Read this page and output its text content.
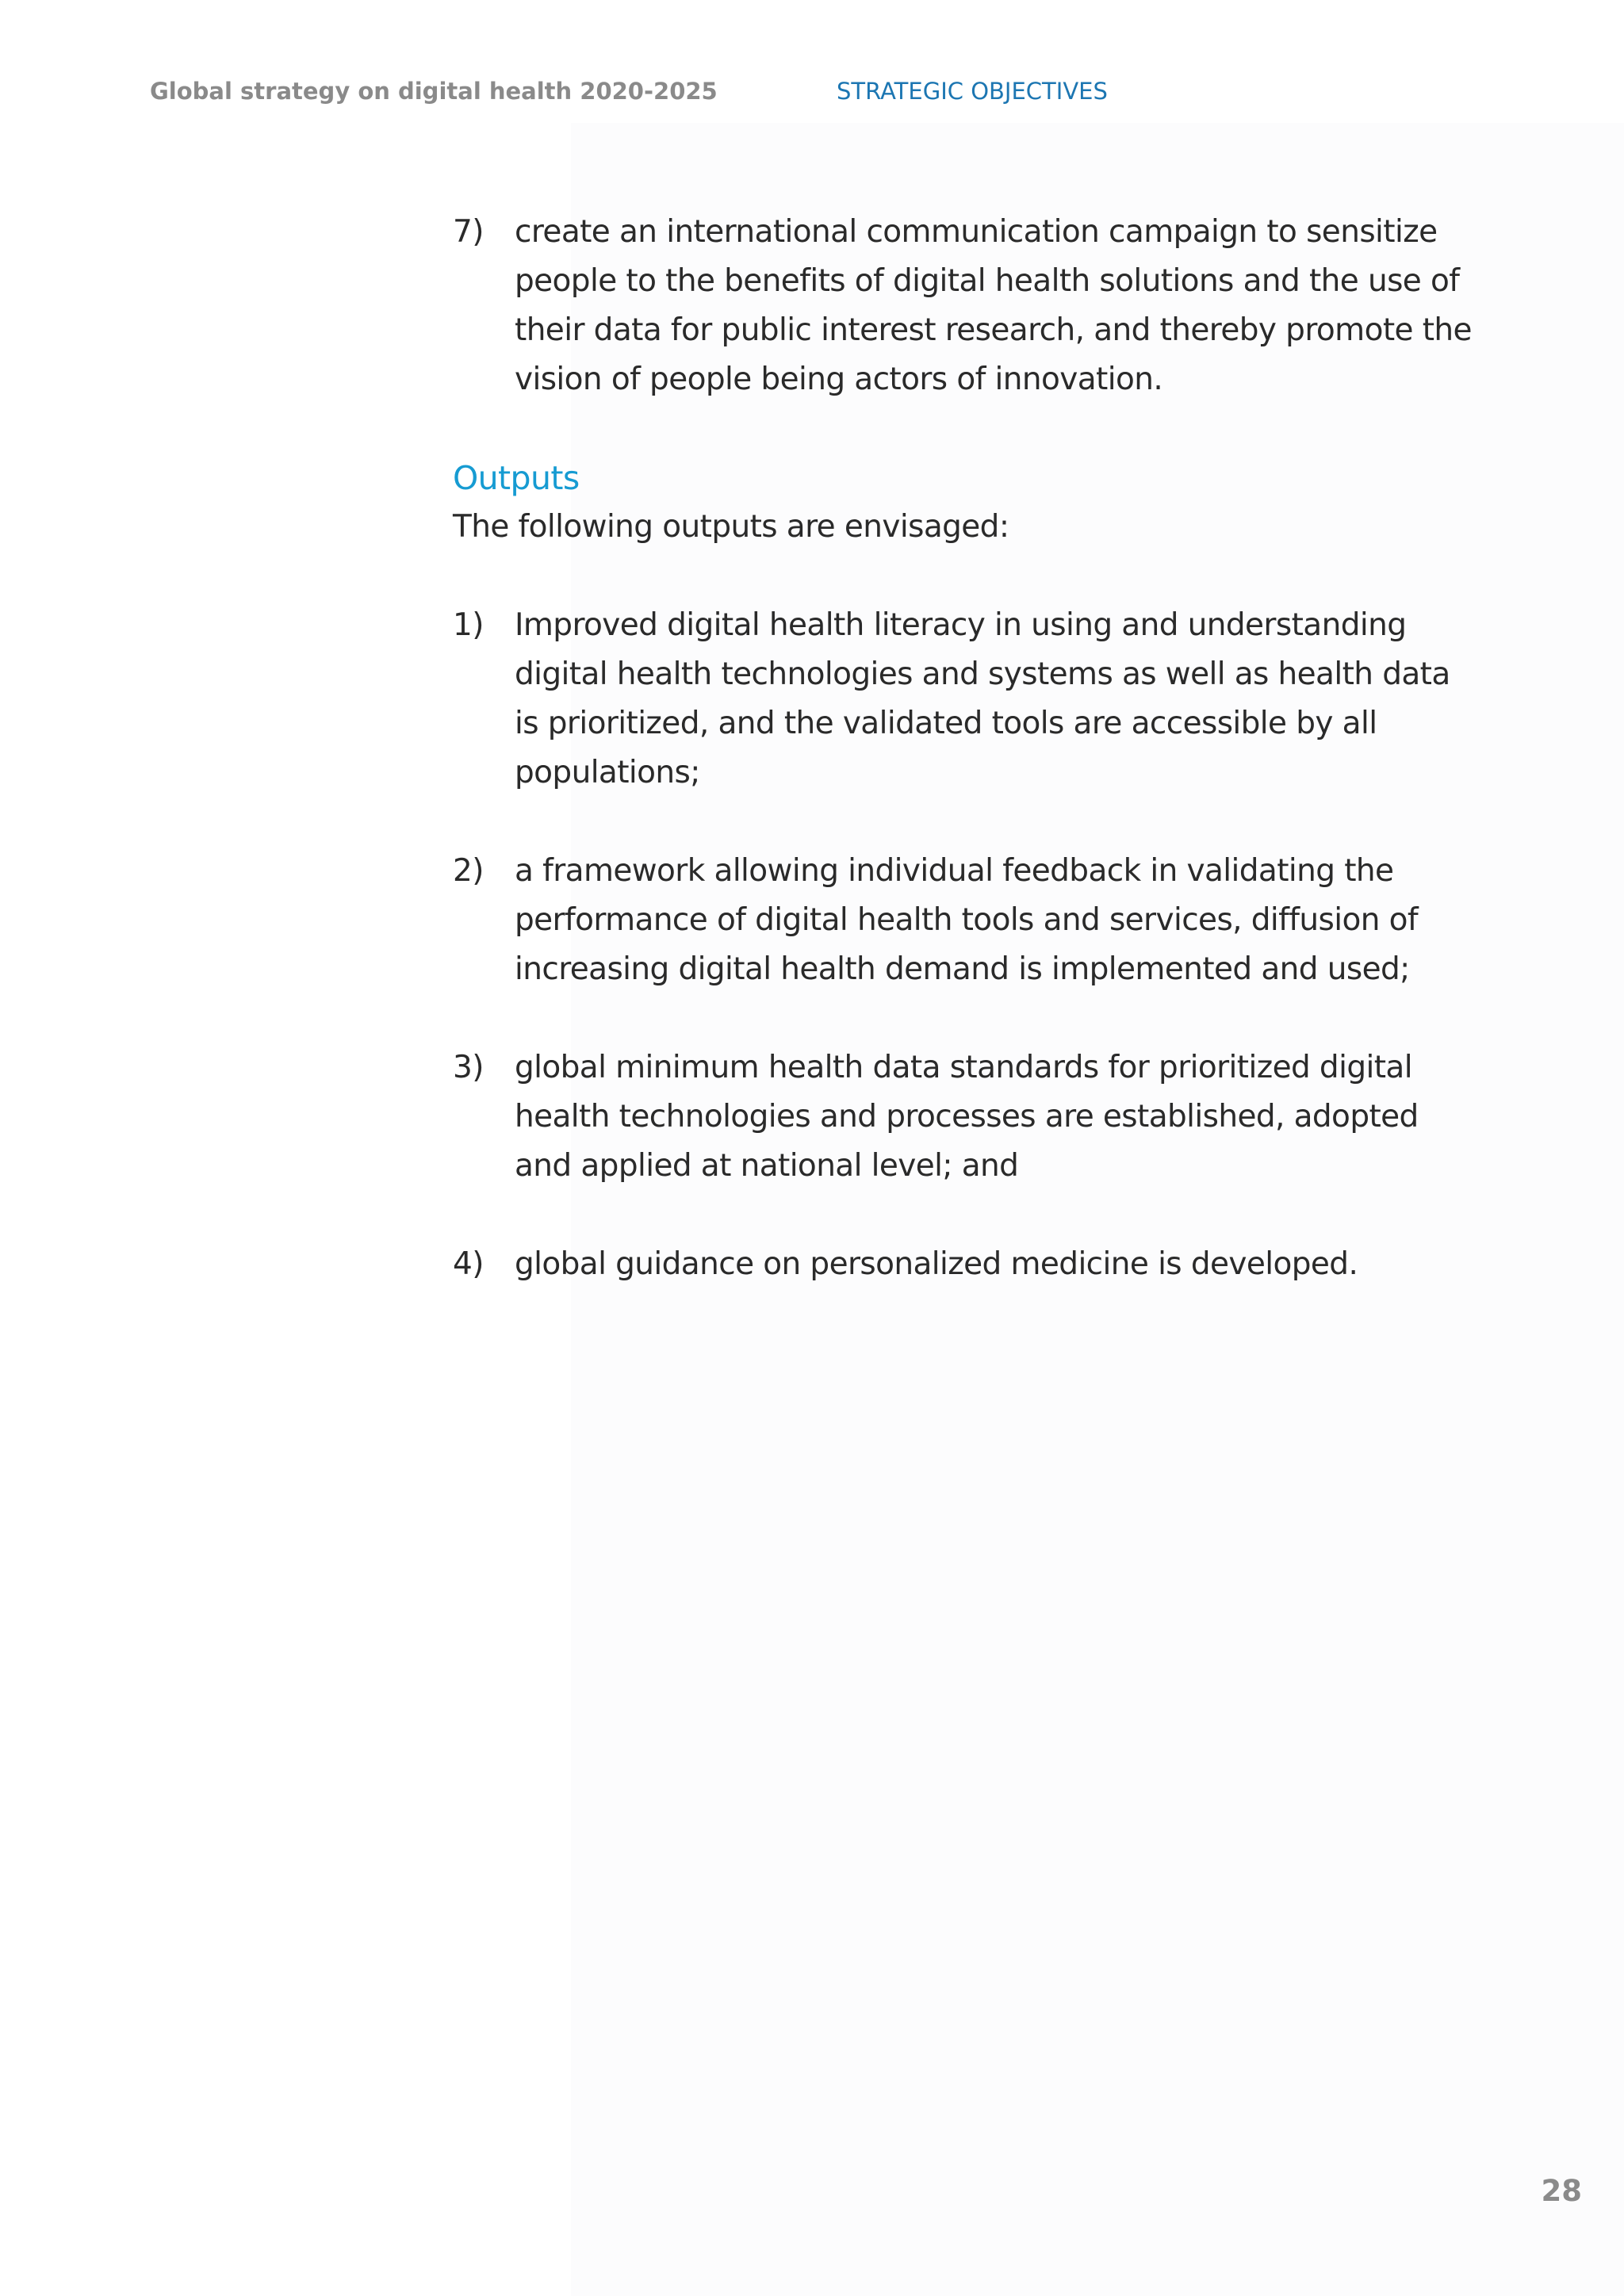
Global strategy on digital health 2020-2025	STRATEGIC OBJECTIVES
7)	create an international communication campaign to sensitize
people to the benefits of digital health solutions and the use of
their data for public interest research, and thereby promote the
vision of people being actors of innovation.
Outputs

The following outputs are envisaged:

1)	Improved digital health literacy in using and understanding
digital health technologies and systems as well as health data
is prioritized, and the validated tools are accessible by all
populations;
2)	a framework allowing individual feedback in validating the
performance of digital health tools and services, diffusion of
increasing digital health demand is implemented and used;
3)	global minimum health data standards for prioritized digital
health technologies and processes are established, adopted
and applied at national level; and
4)	global guidance on personalized medicine is developed.
28
